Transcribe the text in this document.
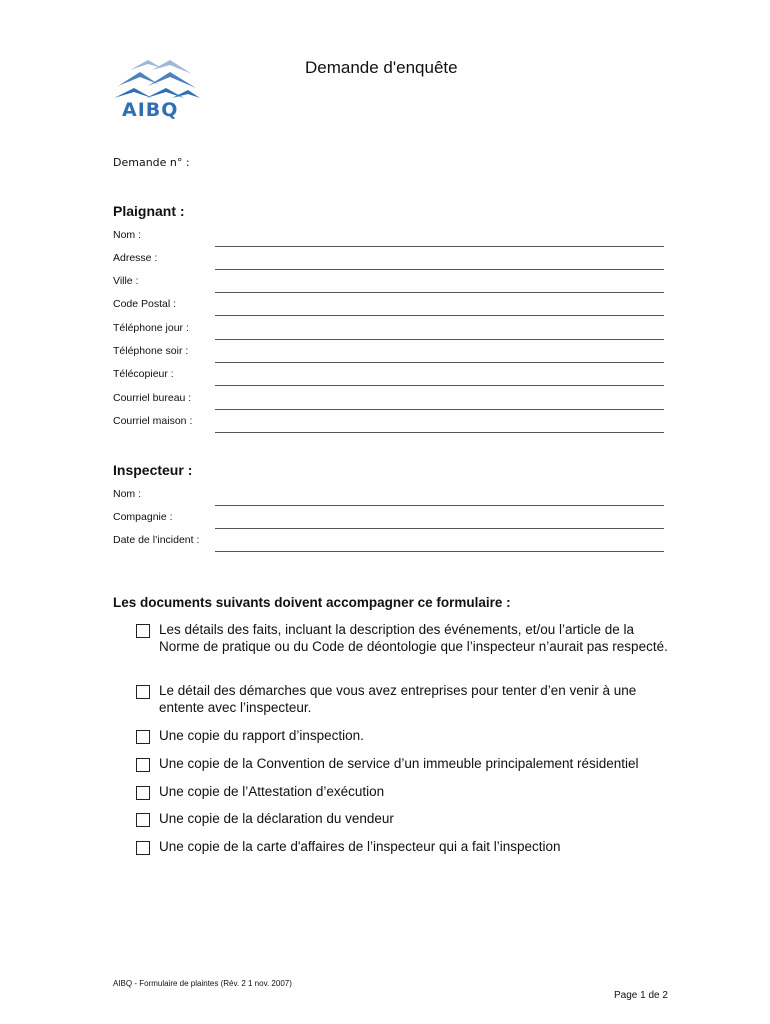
AIBQ
Demande d'enquête
Demande n° :
Plaignant :
Nom :
Adresse :
Ville :
Code Postal :
Téléphone jour :
Téléphone soir :
Télécopieur :
Courriel bureau :
Courriel maison :
Inspecteur :
Nom :
Compagnie :
Date de l’incident :
Les documents suivants doivent accompagner ce formulaire :
Les détails des faits, incluant la description des événements, et/ou l’article de la Norme de pratique ou du Code de déontologie que l’inspecteur n’aurait pas respecté.
Le détail des démarches que vous avez entreprises pour tenter d’en venir à une entente avec l’inspecteur.
Une copie du rapport d’inspection.
Une copie de la Convention de service d’un immeuble principalement résidentiel
Une copie de l’Attestation d’exécution
Une copie de la déclaration du vendeur
Une copie de la carte d'affaires de l’inspecteur qui a fait l’inspection
AIBQ - Formulaire de plaintes (Rév. 2 1 nov. 2007)
Page 1 de 2
